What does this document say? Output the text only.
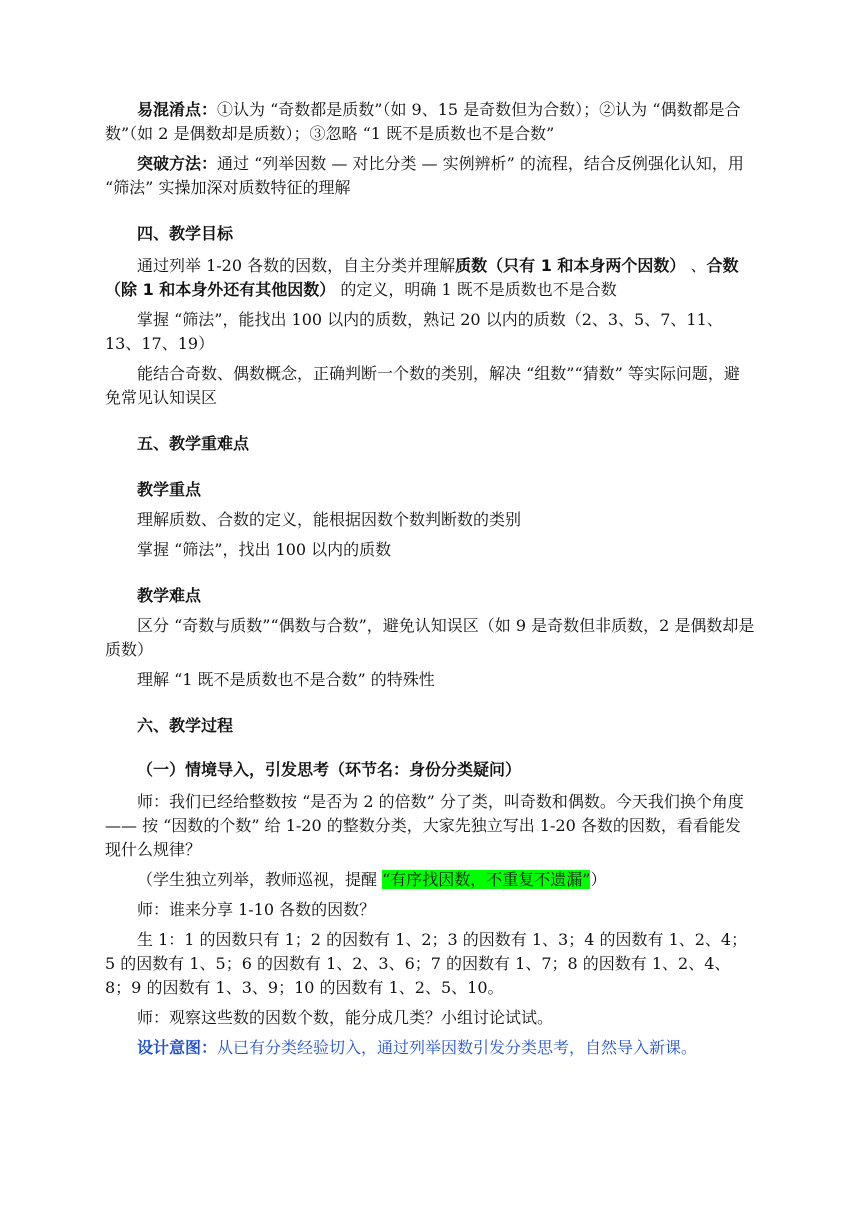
易混淆点：①认为 “奇数都是质数”（如 9、15 是奇数但为合数）；②认为 “偶数都是合数”（如 2 是偶数却是质数）；③忽略 “1 既不是质数也不是合数”

突破方法：通过 “列举因数 — 对比分类 — 实例辨析” 的流程，结合反例强化认知，用 “筛法” 实操加深对质数特征的理解

四、教学目标

通过列举 1-20 各数的因数，自主分类并理解质数（只有 1 和本身两个因数） 、合数（除 1 和本身外还有其他因数） 的定义，明确 1 既不是质数也不是合数

掌握 “筛法”，能找出 100 以内的质数，熟记 20 以内的质数（2、3、5、7、11、13、17、19）

能结合奇数、偶数概念，正确判断一个数的类别，解决 “组数”“猜数” 等实际问题，避免常见认知误区

五、教学重难点

教学重点

理解质数、合数的定义，能根据因数个数判断数的类别

掌握 “筛法”，找出 100 以内的质数

教学难点

区分 “奇数与质数”“偶数与合数”，避免认知误区（如 9 是奇数但非质数，2 是偶数却是质数）

理解 “1 既不是质数也不是合数” 的特殊性

六、教学过程

（一）情境导入，引发思考（环节名：身份分类疑问）

师：我们已经给整数按 “是否为 2 的倍数” 分了类，叫奇数和偶数。今天我们换个角度 —— 按 “因数的个数” 给 1-20 的整数分类，大家先独立写出 1-20 各数的因数，看看能发现什么规律？

（学生独立列举，教师巡视，提醒 “有序找因数，不重复不遗漏”）

师：谁来分享 1-10 各数的因数？

生 1：1 的因数只有 1；2 的因数有 1、2；3 的因数有 1、3；4 的因数有 1、2、4；5 的因数有 1、5；6 的因数有 1、2、3、6；7 的因数有 1、7；8 的因数有 1、2、4、8；9 的因数有 1、3、9；10 的因数有 1、2、5、10。

师：观察这些数的因数个数，能分成几类？小组讨论试试。

设计意图：从已有分类经验切入，通过列举因数引发分类思考，自然导入新课。
